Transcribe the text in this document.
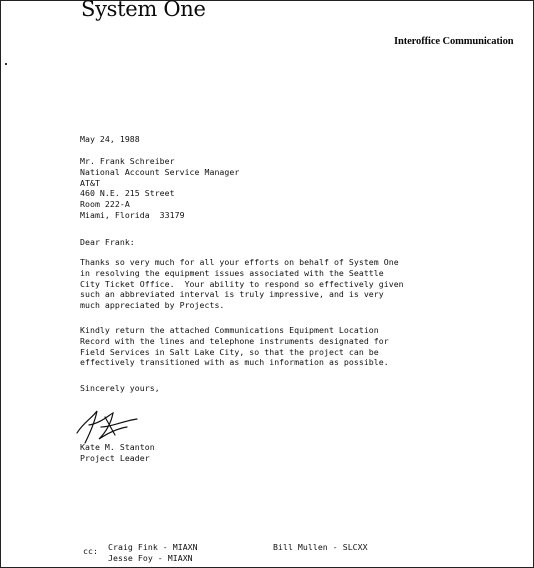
System One
Interoffice Communication
May 24, 1988
Mr. Frank Schreiber
National Account Service Manager
AT&T
460 N.E. 215 Street
Room 222-A
Miami, Florida  33179
Dear Frank:
Thanks so very much for all your efforts on behalf of System One
in resolving the equipment issues associated with the Seattle
City Ticket Office.  Your ability to respond so effectively given
such an abbreviated interval is truly impressive, and is very
much appreciated by Projects.
Kindly return the attached Communications Equipment Location
Record with the lines and telephone instruments designated for
Field Services in Salt Lake City, so that the project can be
effectively transitioned with as much information as possible.
Sincerely yours,
Kate M. Stanton
Project Leader
cc: Craig Fink - MIAXN
Jesse Foy - MIAXN
Bill Mullen - SLCXX
